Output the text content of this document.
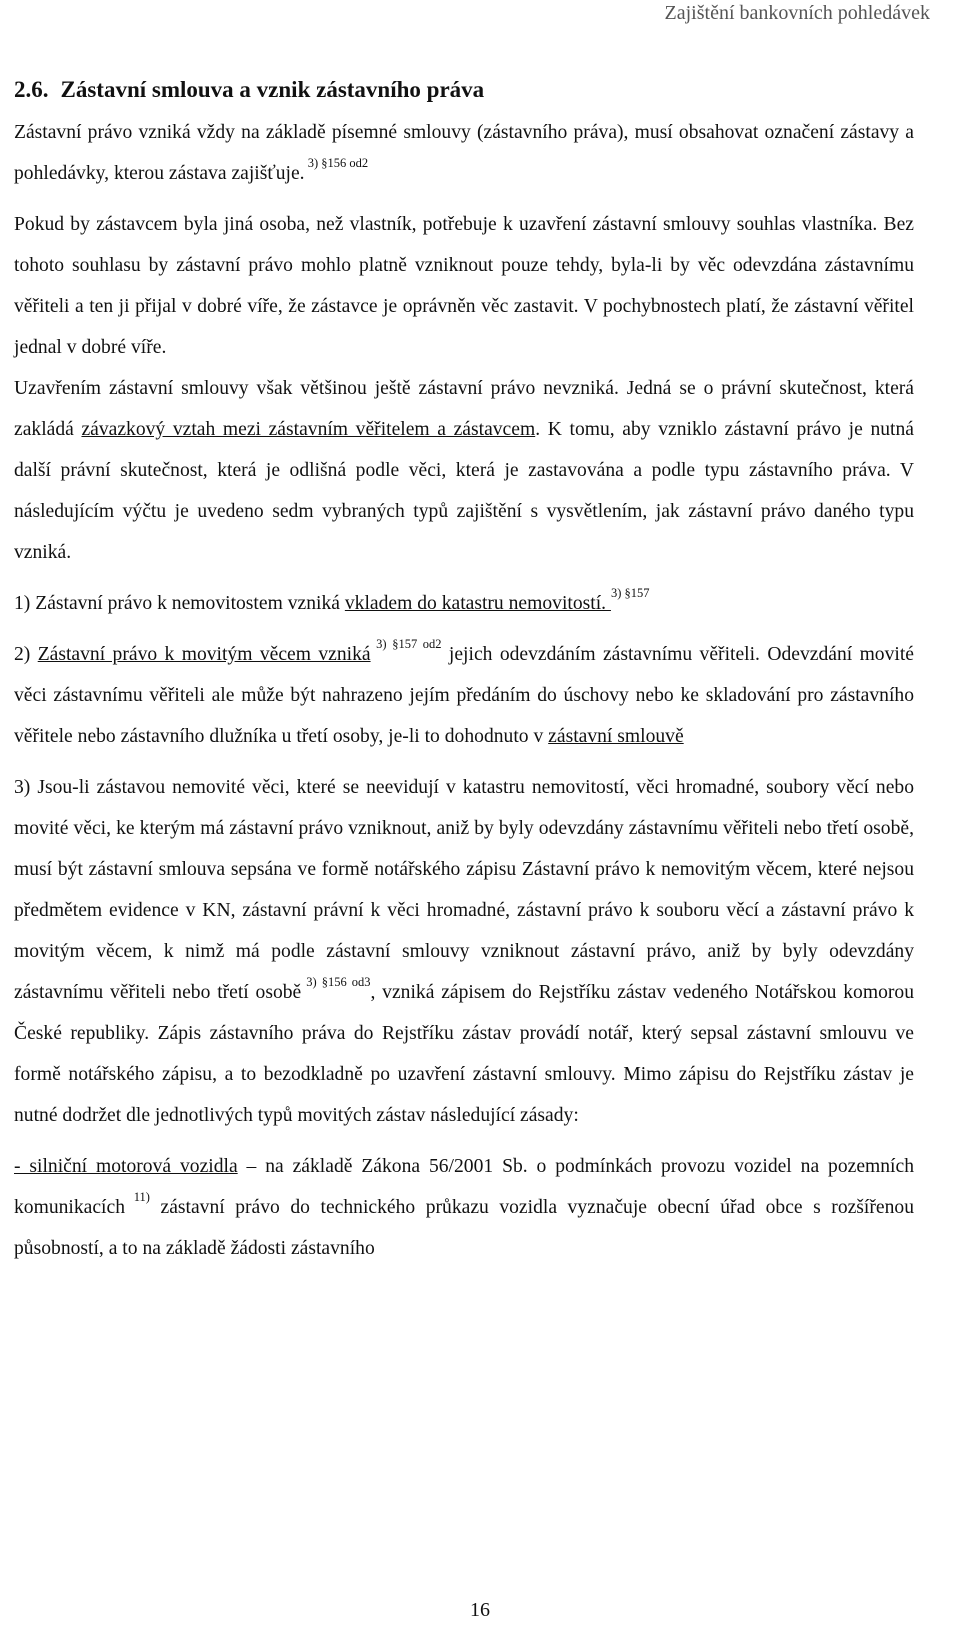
Zajištění bankovních pohledávek
2.6. Zástavní smlouva a vznik zástavního práva

Zástavní právo vzniká vždy na základě písemné smlouvy (zástavního práva), musí obsahovat označení zástavy a pohledávky, kterou zástava zajišťuje. $^{3) \S 156 od2}$

Pokud by zástavcem byla jiná osoba, než vlastník, potřebuje k uzavření zástavní smlouvy souhlas vlastníka. Bez tohoto souhlasu by zástavní právo mohlo platně vzniknout pouze tehdy, byla-li by věc odevzdána zástavnímu věřiteli a ten ji přijal v dobré víře, že zástavce je oprávněn věc zastavit. V pochybnostech platí, že zástavní věřitel jednal v dobré víře.

Uzavřením zástavní smlouvy však většinou ještě zástavní právo nevzniká. Jedná se o právní skutečnost, která zakládá závazkový vztah mezi zástavním věřitelem a zástavcem. K tomu, aby vzniklo zástavní právo je nutná další právní skutečnost, která je odlišná podle věci, která je zastavována a podle typu zástavního práva. V následujícím výčtu je uvedeno sedm vybraných typů zajištění s vysvětlením, jak zástavní právo daného typu vzniká.

1) Zástavní právo k nemovitostem vzniká vkladem do katastru nemovitostí. $^{3) \S 157}$

2) Zástavní právo k movitým věcem vzniká $^{3) \S 157 od2}$ jejich odevzdáním zástavnímu věřiteli. Odevzdání movité věci zástavnímu věřiteli ale může být nahrazeno jejím předáním do úschovy nebo ke skladování pro zástavního věřitele nebo zástavního dlužníka u třetí osoby, je-li to dohodnuto v zástavní smlouvě

3) Jsou-li zástavou nemovité věci, které se neevidují v katastru nemovitostí, věci hromadné, soubory věcí nebo movité věci, ke kterým má zástavní právo vzniknout, aniž by byly odevzdány zástavnímu věřiteli nebo třetí osobě, musí být zástavní smlouva sepsána ve formě notářského zápisu Zástavní právo k nemovitým věcem, které nejsou předmětem evidence v KN, zástavní právní k věci hromadné, zástavní právo k souboru věcí a zástavní právo k movitým věcem, k nimž má podle zástavní smlouvy vzniknout zástavní právo, aniž by byly odevzdány zástavnímu věřiteli nebo třetí osobě $^{3) \S 156 od3}$, vzniká zápisem do Rejstříku zástav vedeného Notářskou komorou České republiky. Zápis zástavního práva do Rejstříku zástav provádí notář, který sepsal zástavní smlouvu ve formě notářského zápisu, a to bezodkladně po uzavření zástavní smlouvy. Mimo zápisu do Rejstříku zástav je nutné dodržet dle jednotlivých typů movitých zástav následující zásady:

- silniční motorová vozidla – na základě Zákona 56/2001 Sb. o podmínkách provozu vozidel na pozemních komunikacích $^{11)}$ zástavní právo do technického průkazu vozidla vyznačuje obecní úřad obce s rozšířenou působností, a to na základě žádosti zástavního

16
